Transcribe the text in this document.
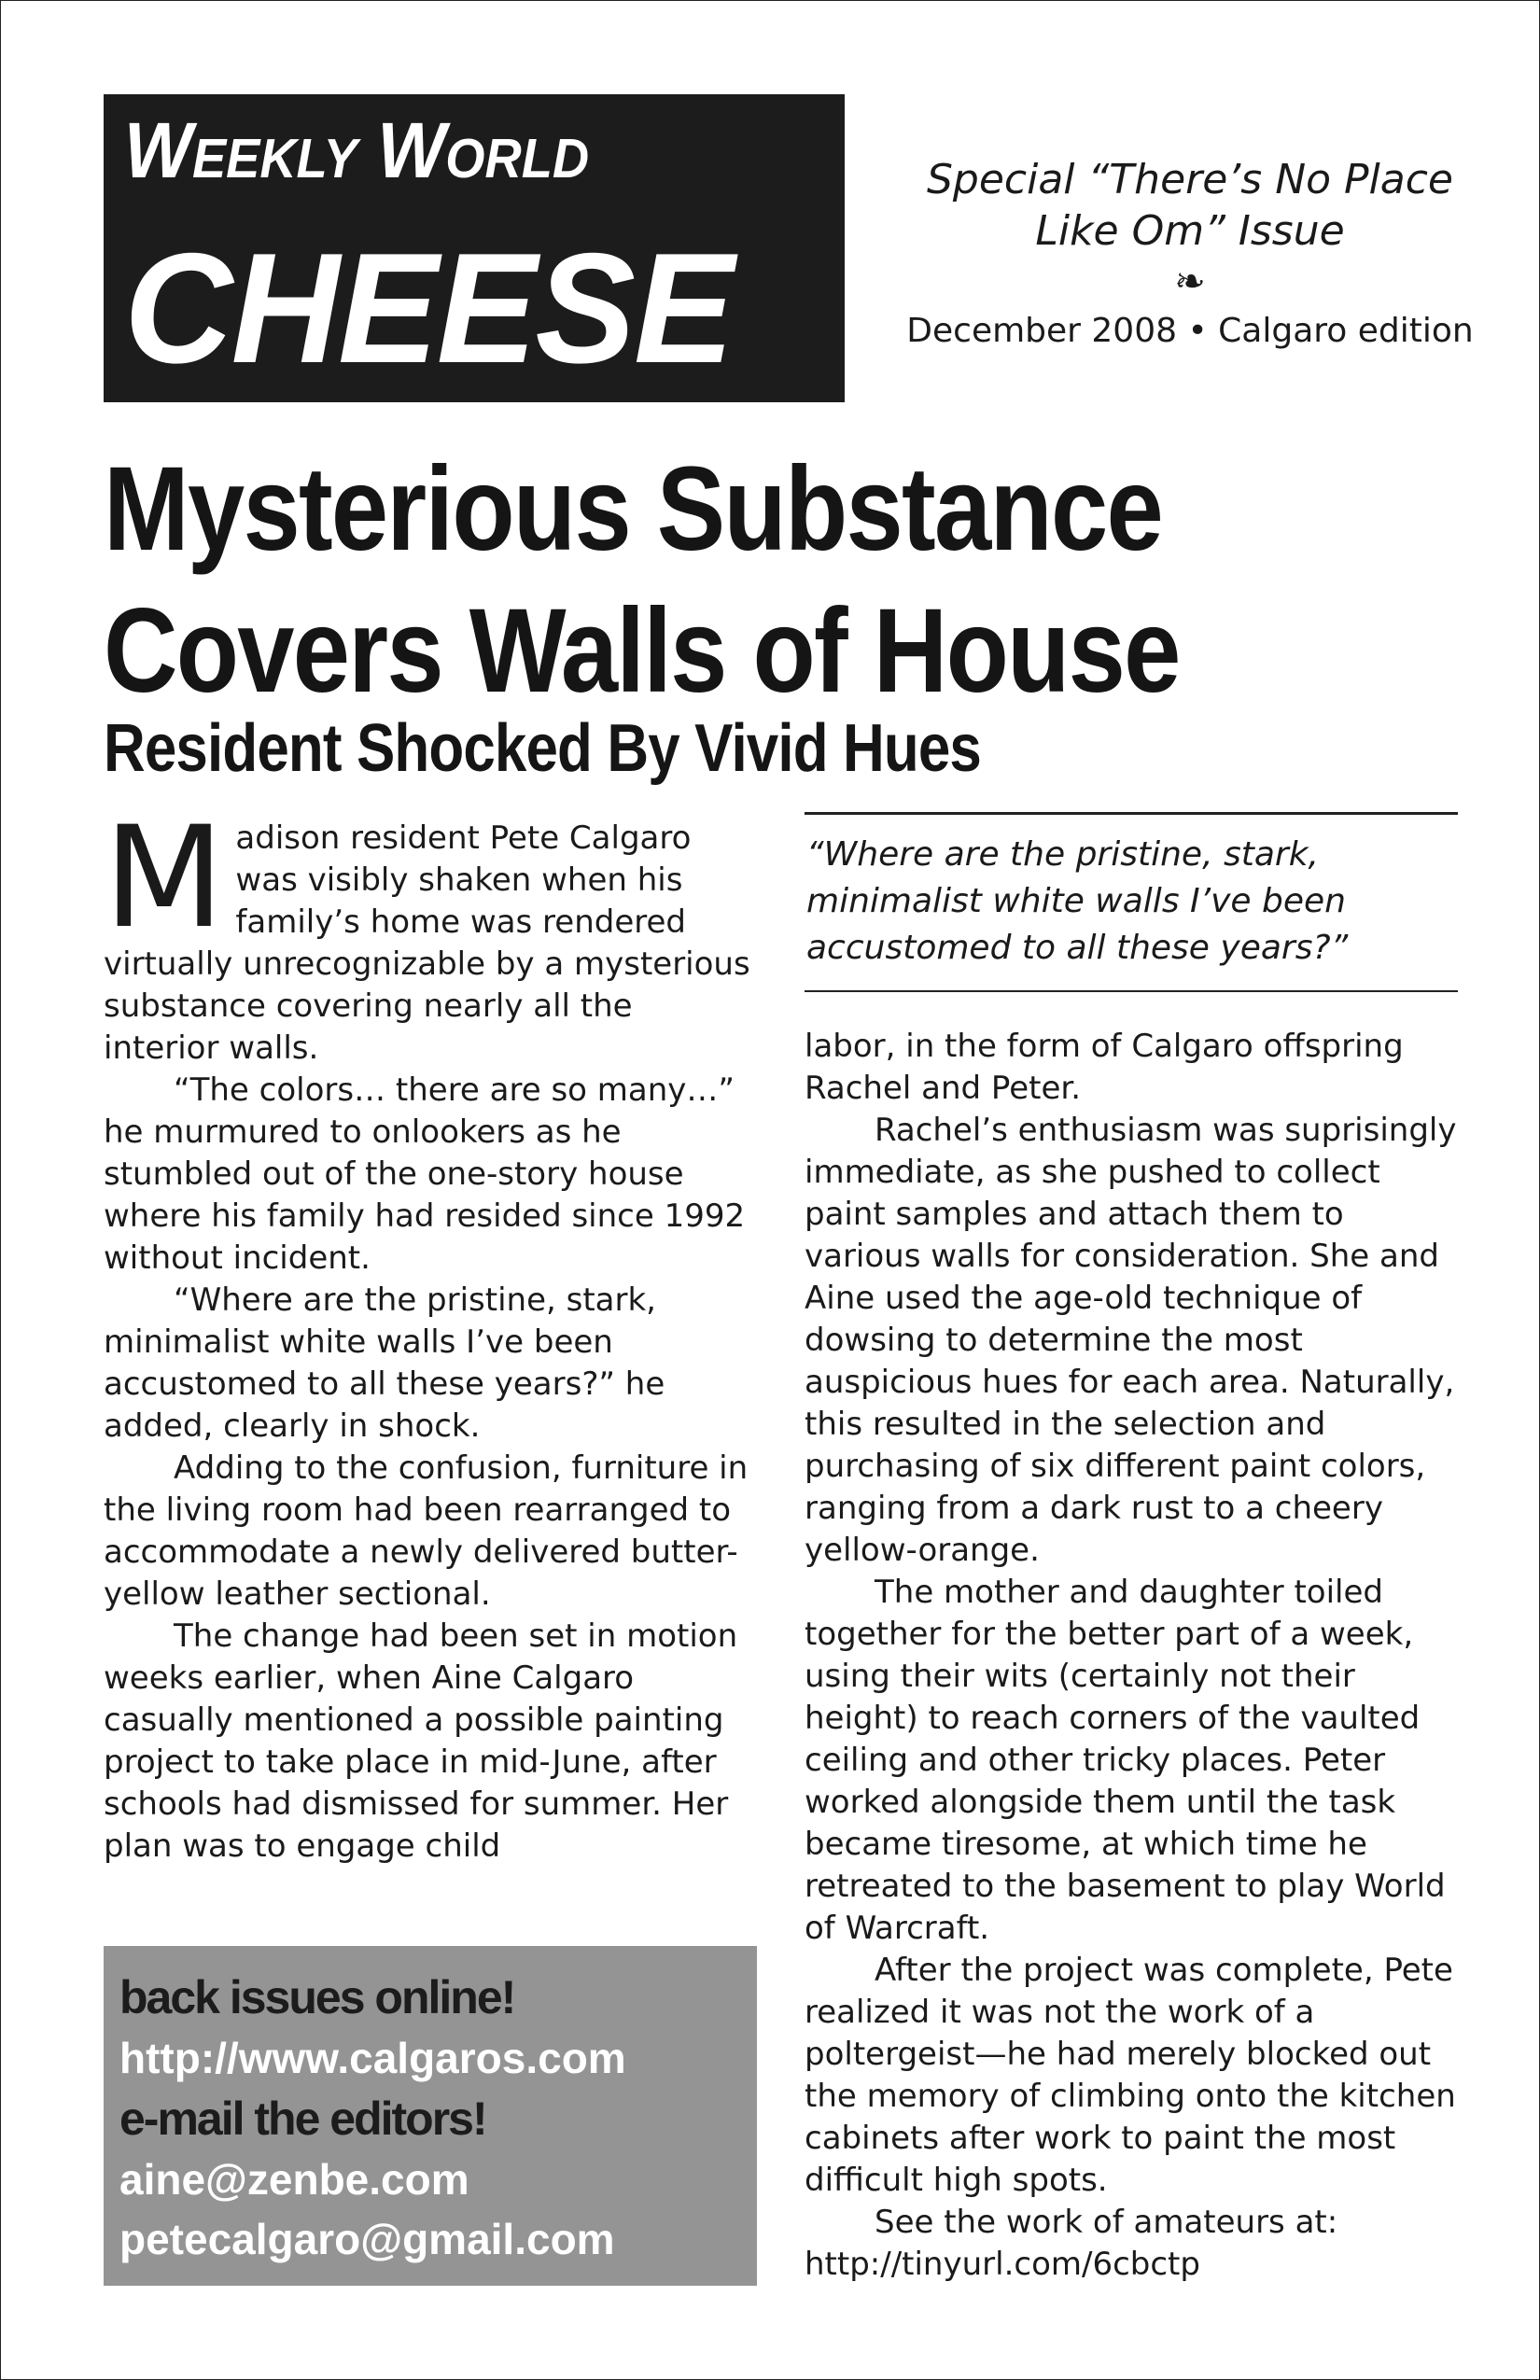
Weekly World
CHEESE
Special “There’s No Place Like Om” Issue
❧
December 2008 • Calgaro edition
Mysterious Substance
Covers Walls of House
Resident Shocked By Vivid Hues

Madison resident Pete Calgaro was visibly shaken when his family’s home was rendered virtually unrecognizable by a mysterious substance covering nearly all the interior walls.

“The colors… there are so many…” he murmured to onlookers as he stumbled out of the one-story house where his family had resided since 1992 without incident.

“Where are the pristine, stark, minimalist white walls I’ve been accustomed to all these years?” he added, clearly in shock.

Adding to the confusion, furniture in the living room had been rearranged to accommodate a newly delivered butter-yellow leather sectional.

The change had been set in motion weeks earlier, when Aine Calgaro casually mentioned a possible painting project to take place in mid-June, after schools had dismissed for summer. Her plan was to engage child

“Where are the pristine, stark, minimalist white walls I’ve been accustomed to all these years?”

labor, in the form of Calgaro offspring Rachel and Peter.

Rachel’s enthusiasm was suprisingly immediate, as she pushed to collect paint samples and attach them to various walls for consideration. She and Aine used the age-old technique of dowsing to determine the most auspicious hues for each area. Naturally, this resulted in the selection and purchasing of six different paint colors, ranging from a dark rust to a cheery yellow-orange.

The mother and daughter toiled together for the better part of a week, using their wits (certainly not their height) to reach corners of the vaulted ceiling and other tricky places. Peter worked alongside them until the task became tiresome, at which time he retreated to the basement to play World of Warcraft.

After the project was complete, Pete realized it was not the work of a poltergeist—he had merely blocked out the memory of climbing onto the kitchen cabinets after work to paint the most difficult high spots.

See the work of amateurs at: http://tinyurl.com/6cbctp

back issues online!
http://www.calgaros.com
e-mail the editors!
aine@zenbe.com
petecalgaro@gmail.com
